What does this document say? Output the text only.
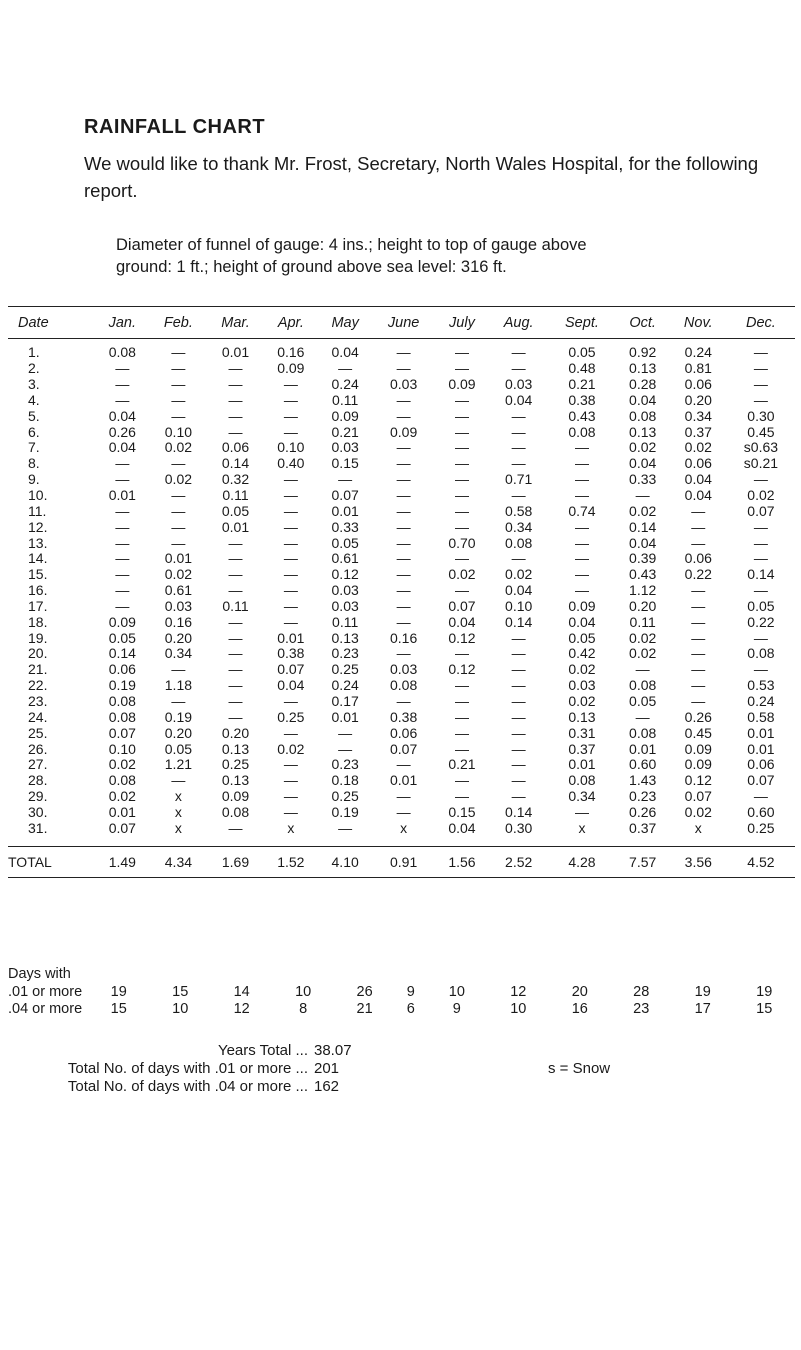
RAINFALL CHART
We would like to thank Mr. Frost, Secretary, North Wales Hospital, for the following report.
Diameter of funnel of gauge: 4 ins.; height to top of gauge above
ground: 1 ft.; height of ground above sea level: 316 ft.
Date	Jan.	Feb.	Mar.	Apr.	May	June	July	Aug.	Sept.	Oct.	Nov.	Dec.
1.	0.08	—	0.01	0.16	0.04	—	—	—	0.05	0.92	0.24	—
2.	—	—	—	0.09	—	—	—	—	0.48	0.13	0.81	—
3.	—	—	—	—	0.24	0.03	0.09	0.03	0.21	0.28	0.06	—
4.	—	—	—	—	0.11	—	—	0.04	0.38	0.04	0.20	—
5.	0.04	—	—	—	0.09	—	—	—	0.43	0.08	0.34	0.30
6.	0.26	0.10	—	—	0.21	0.09	—	—	0.08	0.13	0.37	0.45
7.	0.04	0.02	0.06	0.10	0.03	—	—	—	—	0.02	0.02	s0.63
8.	—	—	0.14	0.40	0.15	—	—	—	—	0.04	0.06	s0.21
9.	—	0.02	0.32	—	—	—	—	0.71	—	0.33	0.04	—
10.	0.01	—	0.11	—	0.07	—	—	—	—	—	0.04	0.02
11.	—	—	0.05	—	0.01	—	—	0.58	0.74	0.02	—	0.07
12.	—	—	0.01	—	0.33	—	—	0.34	—	0.14	—	—
13.	—	—	—	—	0.05	—	0.70	0.08	—	0.04	—	—
14.	—	0.01	—	—	0.61	—	—	—	—	0.39	0.06	—
15.	—	0.02	—	—	0.12	—	0.02	0.02	—	0.43	0.22	0.14
16.	—	0.61	—	—	0.03	—	—	0.04	—	1.12	—	—
17.	—	0.03	0.11	—	0.03	—	0.07	0.10	0.09	0.20	—	0.05
18.	0.09	0.16	—	—	0.11	—	0.04	0.14	0.04	0.11	—	0.22
19.	0.05	0.20	—	0.01	0.13	0.16	0.12	—	0.05	0.02	—	—
20.	0.14	0.34	—	0.38	0.23	—	—	—	0.42	0.02	—	0.08
21.	0.06	—	—	0.07	0.25	0.03	0.12	—	0.02	—	—	—
22.	0.19	1.18	—	0.04	0.24	0.08	—	—	0.03	0.08	—	0.53
23.	0.08	—	—	—	0.17	—	—	—	0.02	0.05	—	0.24
24.	0.08	0.19	—	0.25	0.01	0.38	—	—	0.13	—	0.26	0.58
25.	0.07	0.20	0.20	—	—	0.06	—	—	0.31	0.08	0.45	0.01
26.	0.10	0.05	0.13	0.02	—	0.07	—	—	0.37	0.01	0.09	0.01
27.	0.02	1.21	0.25	—	0.23	—	0.21	—	0.01	0.60	0.09	0.06
28.	0.08	—	0.13	—	0.18	0.01	—	—	0.08	1.43	0.12	0.07
29.	0.02	x	0.09	—	0.25	—	—	—	0.34	0.23	0.07	—
30.	0.01	x	0.08	—	0.19	—	0.15	0.14	—	0.26	0.02	0.60
31.	0.07	x	—	x	—	x	0.04	0.30	x	0.37	x	0.25

TOTAL	1.49	4.34	1.69	1.52	4.10	0.91	1.56	2.52	4.28	7.57	3.56	4.52
Days with
.01 or more	19	15	14	10	26	9	10	12	20	28	19	19
.04 or more	15	10	12	8	21	6	9	10	16	23	17	15
Years Total ... 38.07
Total No. of days with .01 or more ... 201
Total No. of days with .04 or more ... 162
s = Snow
